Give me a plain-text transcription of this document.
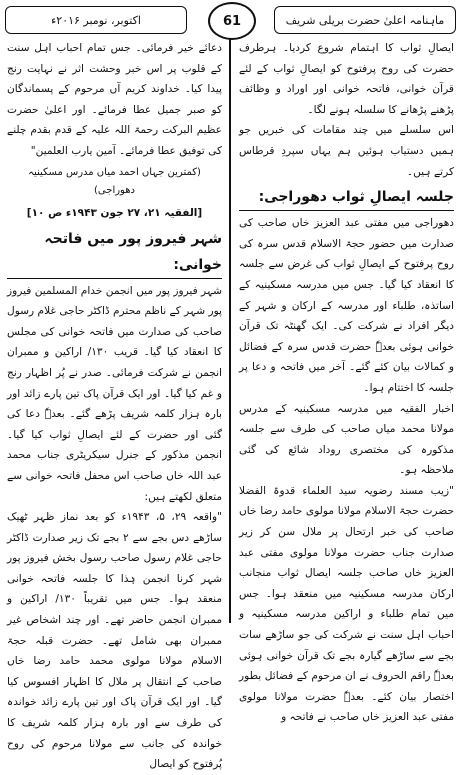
اکتوبر، نومبر ۲۰۱۶ء	61	ماہنامہ اعلیٰ حضرت بریلی شریف

ایصالِ ثواب کا اہتمام شروع کردیا۔ ہرطرف حضرت کی روح پرفتوح کو ایصالِ ثواب کے لئے قرآن خوانی، فاتحہ خوانی اور اوراد و وظائف پڑھنے پڑھانے کا سلسلہ ہونے لگا۔

اس سلسلے میں چند مقامات کی خبریں جو ہمیں دستیاب ہوئیں ہم یہاں سپردِ قرطاس کرتے ہیں۔

جلسہ ایصالِ ثواب دھوراجی:

دھوراجی میں مفتی عبد العزیز خاں صاحب کی صدارت میں حضور حجۃ الاسلام قدس سرہ کی روح پرفتوح کے ایصالِ ثواب کی غرض سے جلسہ کا انعقاد کیا گیا۔ جس میں مدرسہ مسکینیہ کے اساتذہ، طلباء اور مدرسہ کے ارکان و شہر کے دیگر افراد نے شرکت کی۔ ایک گھنٹہ تک قرآن خوانی ہوئی بعدہٗ حضرت قدس سرہ کے فضائل و کمالات بیان کئے گئے۔ آخر میں فاتحہ و دعا پر جلسہ کا اختتام ہوا۔

اخبار الفقیہ میں مدرسہ مسکینیہ کے مدرس مولانا محمد میاں صاحب کی طرف سے جلسہ مذکورہ کی مختصری روداد شائع کی گئی ملاحظہ ہو۔

"زیب مسند رضویہ سید العلماء قدوۃ الفضلا حضرت حجۃ الاسلام مولانا مولوی حامد رضا خاں صاحب کی خبر ارتحال پر ملال سن کر زیر صدارت جناب حضرت مولانا مولوی مفتی عبد العزیز خاں صاحب جلسہ ایصال ثواب منجانب ارکان مدرسہ مسکینیہ میں منعقد ہوا۔ جس میں تمام طلباء و اراکین مدرسہ مسکینیہ و احباب اہل سنت نے شرکت کی جو ساڑھے سات بجے سے ساڑھے گیارہ بجے تک قرآن خوانی ہوئی بعدہٗ راقم الحروف نے ان مرحوم کے فضائل بطور اختصار بیان کئے۔ بعدہٗ حضرت مولانا مولوی مفتی عبد العزیز خاں صاحب نے فاتحہ و

دعائے خیر فرمائی۔ جس تمام احباب اہل سنت کے قلوب پر اس خبر وحشت اثر نے نہایت رنج پیدا کیا۔ خداوند کریم آں مرحوم کے پسماندگان کو صبر جمیل عطا فرمائے۔ اور اعلیٰ حضرت عظیم البرکت رحمۃ اللہ علیہ کے قدم بقدم چلنے کی توفیق عطا فرمائے۔ آمین یارب العلمین"

(کمترین جہاں احمد میاں مدرس مسکینیہ دھوراجی)

[الفقیہ ۲۱، ۲۷ جون ۱۹۴۳ء ص ۱۰]

شہر فیروز پور میں فاتحہ خوانی:

شہر فیروز پور میں انجمن خدام المسلمین فیروز پور شہر کے ناظم محترم ڈاکٹر حاجی غلام رسول صاحب کی صدارت میں فاتحہ خوانی کی مجلس کا انعقاد کیا گیا۔ قریب ۱۳۰/ اراکین و ممبران انجمن نے شرکت فرمائی۔ صدر نے پُر اظہار رنج و غم کیا گیا۔ اور ایک قرآن پاک تین پارے زائد اور بارہ ہزار کلمہ شریف پڑھے گئے۔ بعدہٗ دعا کی گئی اور حضرت کے لئے ایصالِ ثواب کیا گیا۔ انجمن مذکور کے جنرل سیکریٹری جناب محمد عبد اللہ خاں صاحب اس محفل فاتحہ خوانی سے متعلق لکھتے ہیں:

"واقعہ ۲۹، ۵، ۱۹۴۳ء کو بعد نماز ظہر ٹھیک ساڑھے دس بجے سے ۲ بجے تک زیر صدارت ڈاکٹر حاجی غلام رسول صاحب رسول بخش فیروز پور شہر کرنا انجمن ہٰذا کا جلسہ فاتحہ خوانی منعقد ہوا۔ جس میں تقریباً ۱۳۰/ اراکین و ممبران انجمن حاضر تھے۔ اور چند اشخاص غیر ممبران بھی شامل تھے۔ حضرت قبلہ حجۃ الاسلام مولانا مولوی محمد حامد رضا خاں صاحب کے انتقال پر ملال کا اظہار افسوس کیا گیا۔ اور ایک قرآن پاک اور تین پارے زائد خواندہ کی طرف سے اور بارہ ہزار کلمہ شریف کا خواندہ کی جانب سے مولانا مرحوم کی روح پُرفتوح کو ایصال
